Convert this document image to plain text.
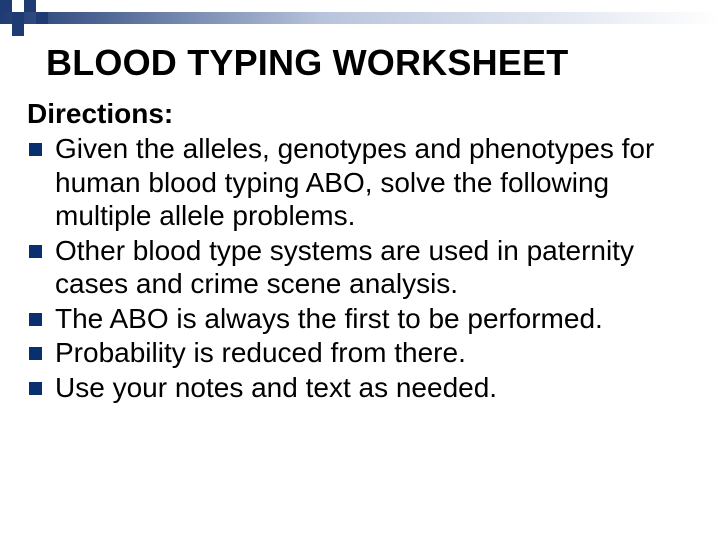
BLOOD TYPING WORKSHEET
Directions:
Given the alleles, genotypes and phenotypes for human blood typing ABO, solve the following multiple allele problems.
Other blood type systems are used in paternity cases and crime scene analysis.
The ABO is always the first to be performed.
Probability is reduced from there.
Use your notes and text as needed.
